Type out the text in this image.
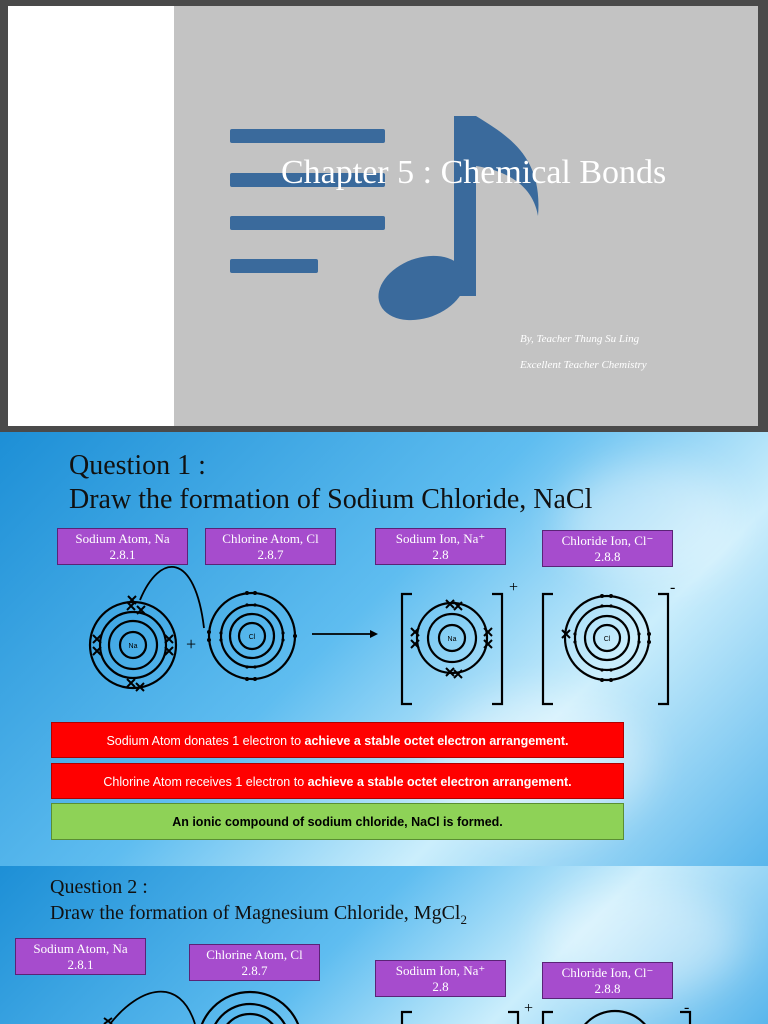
Chapter 5 : Chemical Bonds
By, Teacher Thung Su Ling
Excellent Teacher Chemistry
Question 1 :
Draw the formation of Sodium Chloride, NaCl
Sodium Atom, Na
2.8.1
Chlorine Atom, Cl
2.8.7
Sodium Ion, Na⁺
2.8
Chloride Ion, Cl⁻
2.8.8
Na
Cl	Na	Cl
+
+	-
Sodium Atom donates 1 electron to achieve a stable octet electron arrangement.
Chlorine Atom receives 1 electron to achieve a stable octet electron arrangement.
An ionic compound of sodium chloride, NaCl is formed.
Question 2 :
Draw the formation of Magnesium Chloride, MgCl$_2$
Sodium Atom, Na
2.8.1
Chlorine Atom, Cl
2.8.7	Sodium Ion, Na⁺
2.8
Chloride Ion, Cl⁻
2.8.8
+	-
